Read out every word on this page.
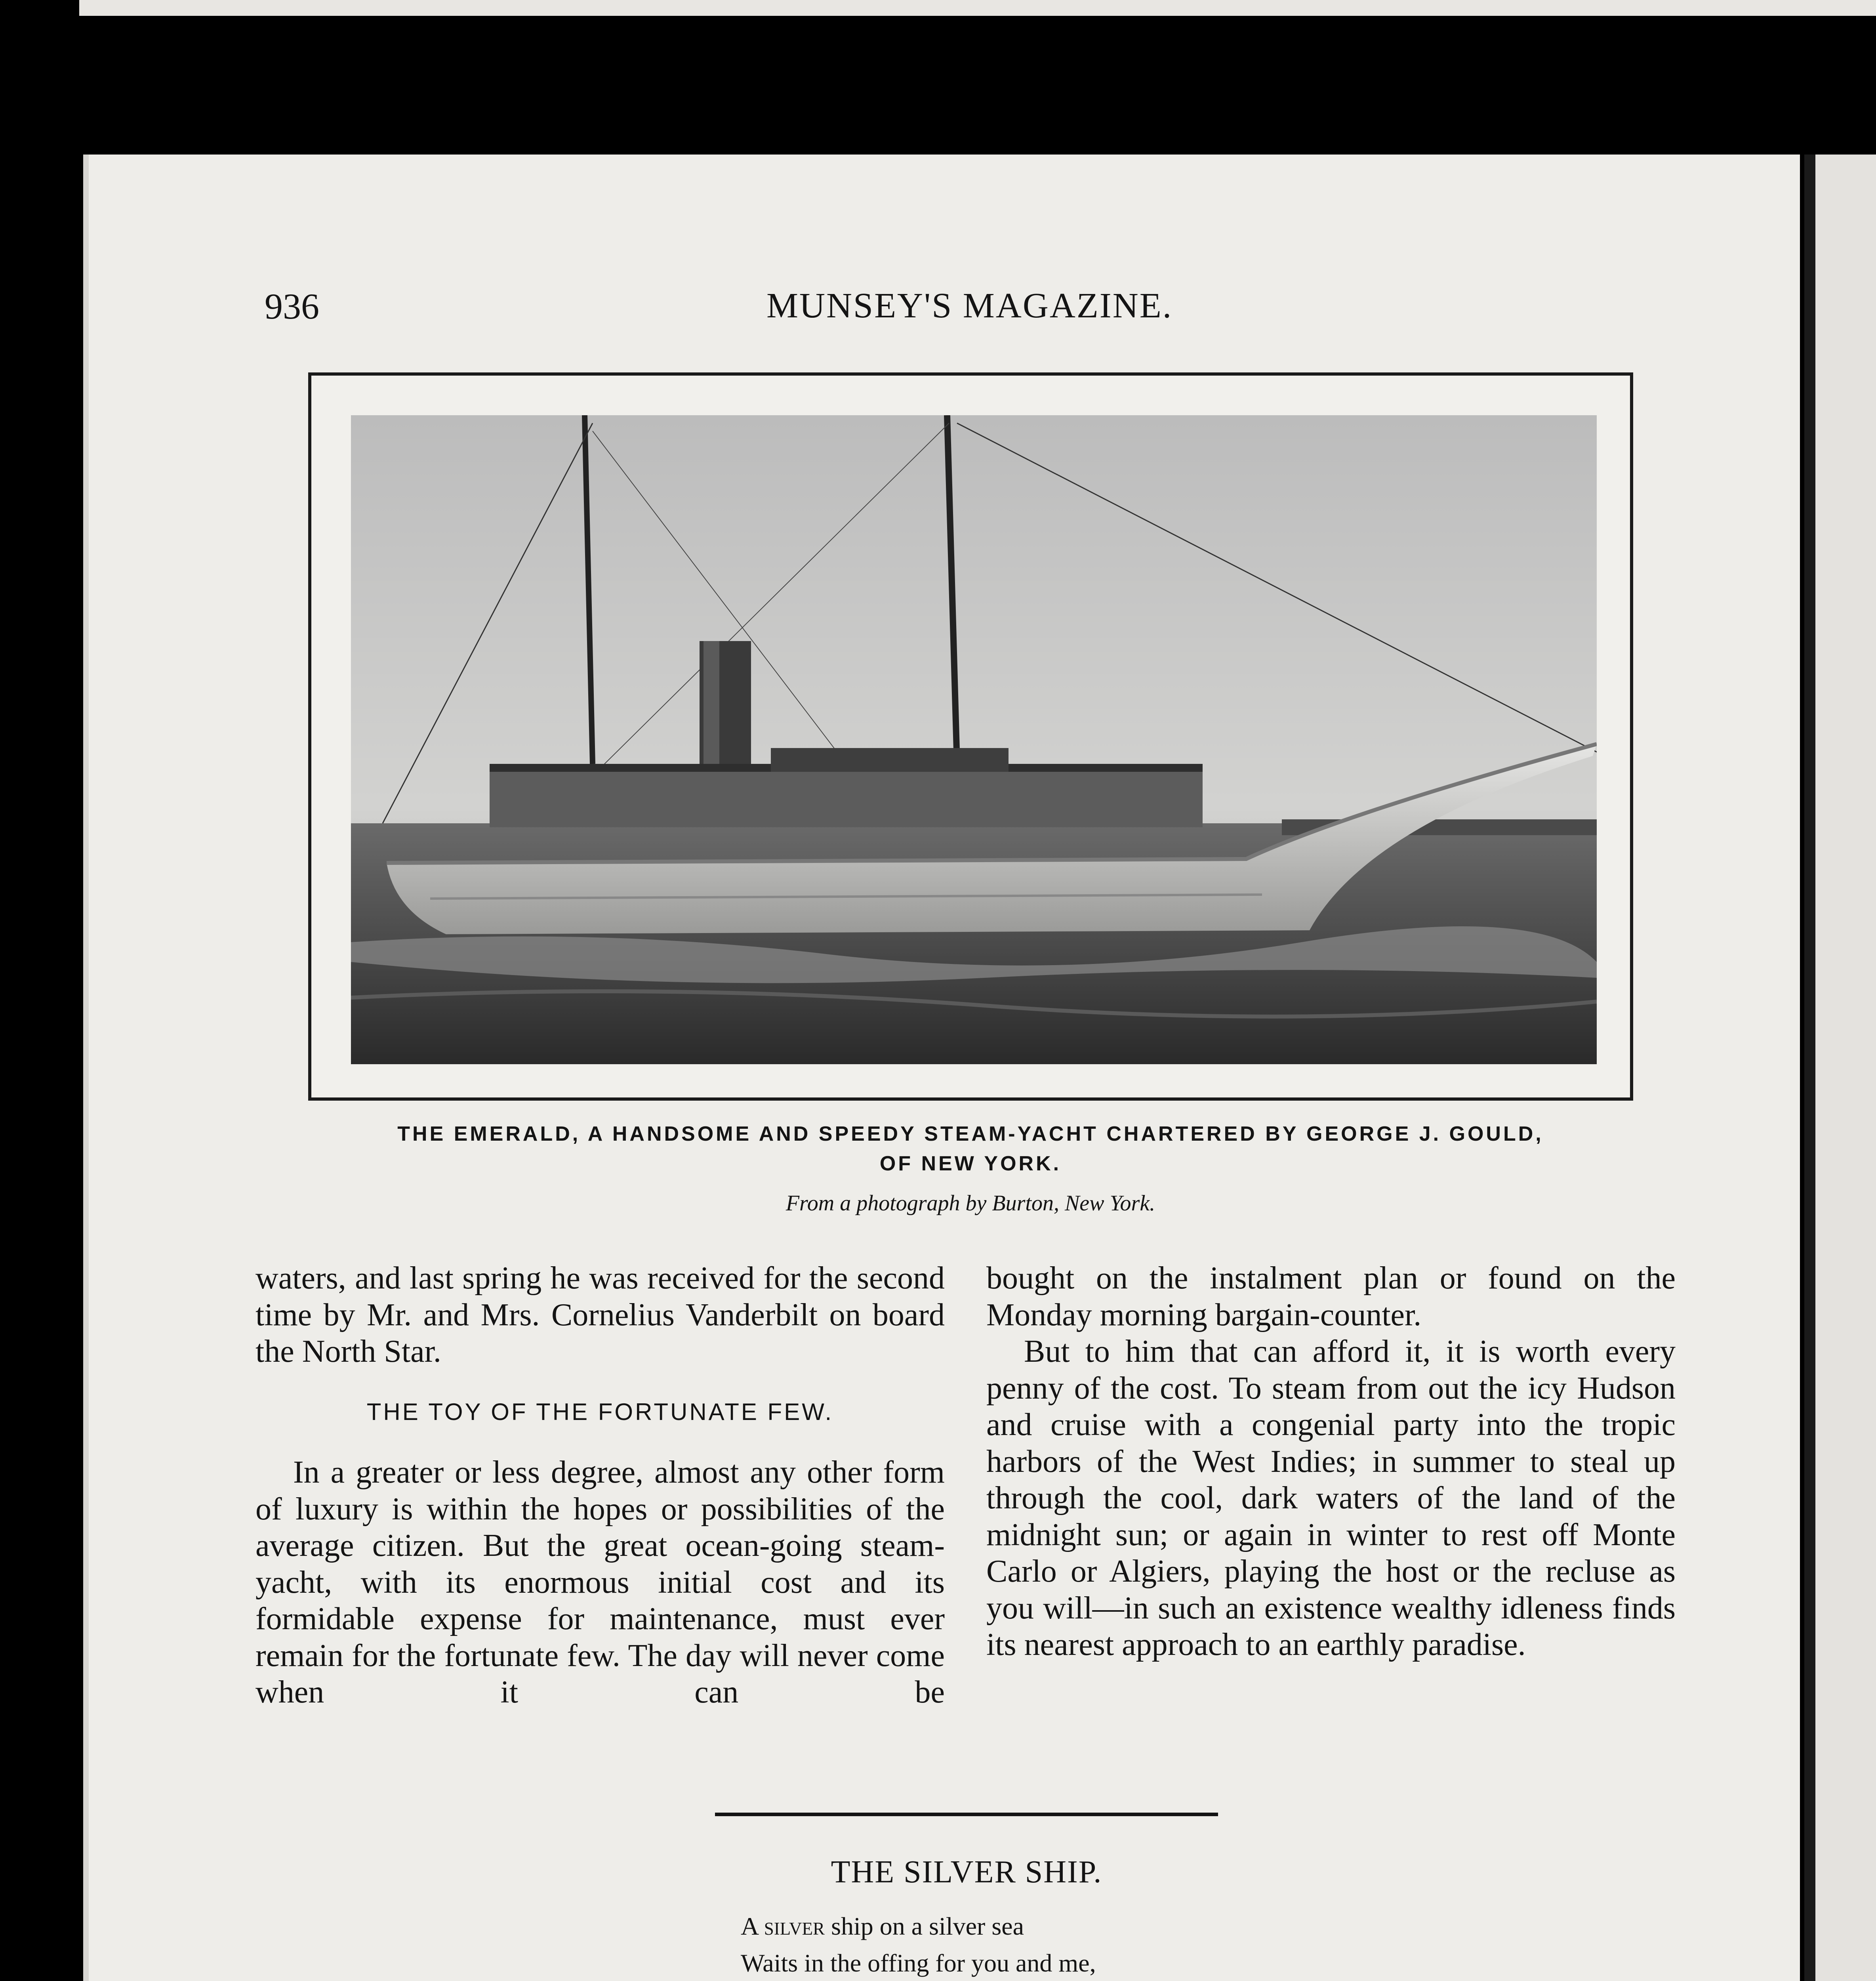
936	MUNSEY'S MAGAZINE.
THE EMERALD, A HANDSOME AND SPEEDY STEAM-YACHT CHARTERED BY GEORGE J. GOULD,
OF NEW YORK.
From a photograph by Burton, New York.

waters, and last spring he was received for the second time by Mr. and Mrs. Cornelius Vanderbilt on board the North Star.

THE TOY OF THE FORTUNATE FEW.

In a greater or less degree, almost any other form of luxury is within the hopes or possibilities of the average citizen. But the great ocean-going steam-yacht, with its enormous initial cost and its formidable expense for maintenance, must ever remain for the fortunate few. The day will never come when it can be

bought on the instalment plan or found on the Monday morning bargain-counter.

But to him that can afford it, it is worth every penny of the cost. To steam from out the icy Hudson and cruise with a congenial party into the tropic harbors of the West Indies; in summer to steal up through the cool, dark waters of the land of the midnight sun; or again in winter to rest off Monte Carlo or Algiers, playing the host or the recluse as you will—in such an existence wealthy idleness finds its nearest approach to an earthly paradise.

THE SILVER SHIP.
A silver ship on a silver sea
Waits in the offing for you and me,
